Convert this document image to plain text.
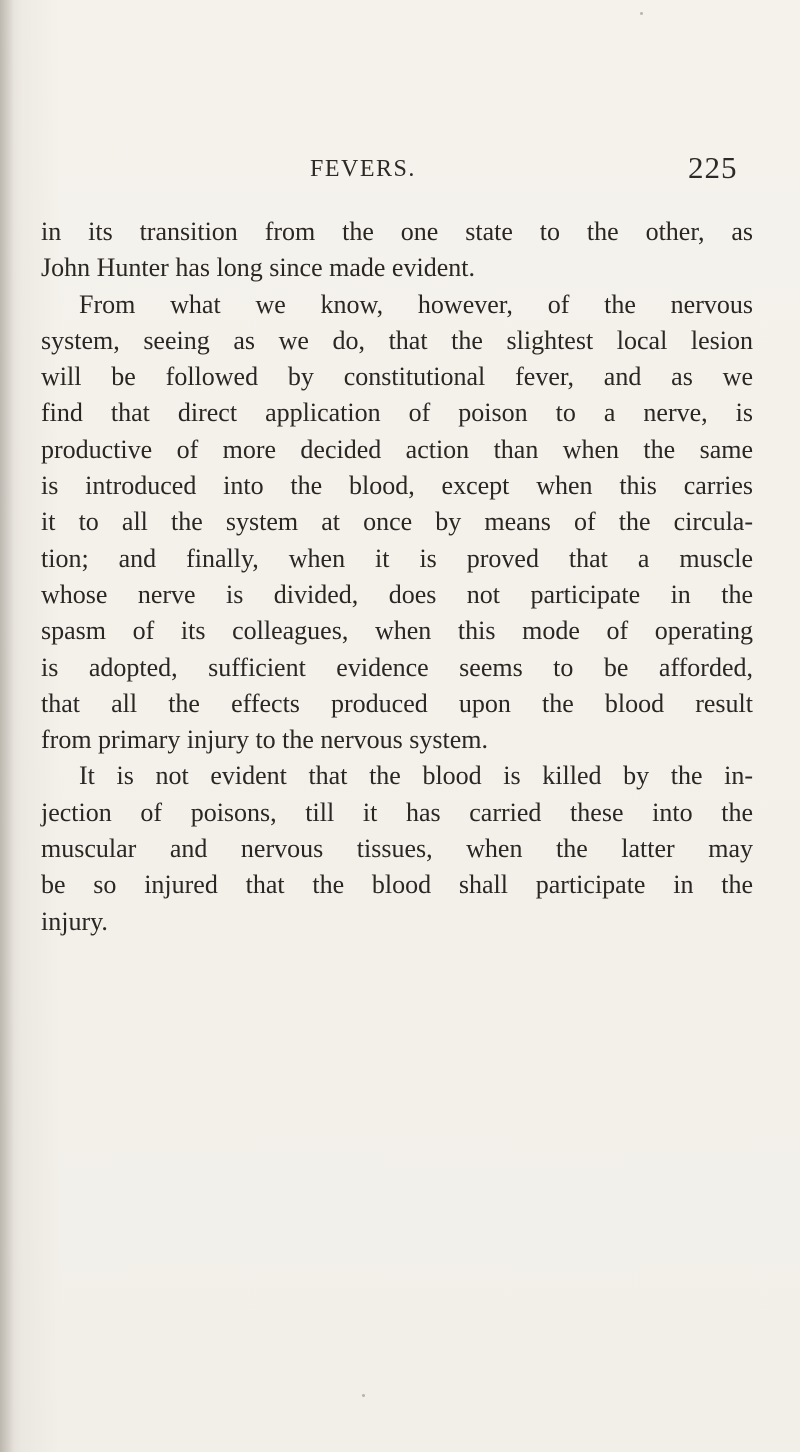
FEVERS.	225
in its transition from the one state to the other, as
John Hunter has long since made evident.
From what we know, however, of the nervous
system, seeing as we do, that the slightest local lesion
will be followed by constitutional fever, and as we
find that direct application of poison to a nerve, is
productive of more decided action than when the same
is introduced into the blood, except when this carries
it to all the system at once by means of the circula-
tion; and finally, when it is proved that a muscle
whose nerve is divided, does not participate in the
spasm of its colleagues, when this mode of operating
is adopted, sufficient evidence seems to be afforded,
that all the effects produced upon the blood result
from primary injury to the nervous system.
It is not evident that the blood is killed by the in-
jection of poisons, till it has carried these into the
muscular and nervous tissues, when the latter may
be so injured that the blood shall participate in the
injury.
